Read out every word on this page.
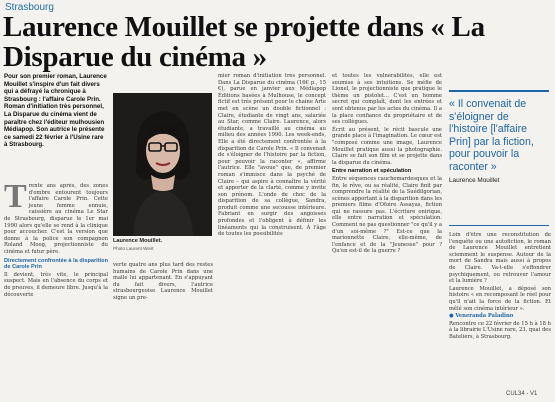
Strasbourg
Laurence Mouillet se projette dans « La Disparue du cinéma »
Pour son premier roman, Laurence Mouillet s'inspire d'un fait divers qui a défrayé la chronique à Strasbourg : l'affaire Carole Prin. Roman d'initiation très personnel, La Disparue du cinéma vient de paraître chez l'éditeur mulhousien Médiapop. Son autrice le présente ce samedi 22 février à l'Usine rare à Strasbourg.
T rente ans après, des zones d'ombre entourent toujours l'affaire Carole Prin. Cette jeune femme ennuie, caissière au cinéma Le Star de Strasbourg, disparue le 1er mai 1990 alors qu'elle se rend à la clinique pour accoucher. C'est la version que donne à la police son compagnon Roland Moog, projectionniste du cinéma et futur père.

Directement confrontée à la disparition de Carole Prin

Il devient, très vite, le principal suspect. Mais en l'absence du corps et de preuves, il demeure libre. Jusqu'à la découverte

Laurence Mouillet.
Photo Laurent West

verte quatre ans plus tard des restes humains de Carole Prin dans une malle lui appartenant. En s'appuyant du fait divers, l'autrice strasbourgeoise Laurence Mouillet signe un pre-

mier roman d'initiation très personnel. Dans La Disparue du cinéma (16€ p., 15 €), parue en janvier aux Médiapop Éditions basées à Mulhouse, le concept fictif est très présent pour le chaine Arte met en scène un double fictionnel : Claire, étudiante de vingt ans, salariée au Star, comme Claire. Laurence, alors étudiante, a travaillé au cinéma au milieu des années 1990. Les week-ends, Elle a été directement confrontée à la disparition de Carole Prin. « Il convenait de s'éloigner de l'histoire par la fiction, pour pouvoir la raconter », affirme l'autrice. Elle "avoue" que, de premier roman s'immisce dans la psyché de Claire – qui aspire à connaître la vérité et apporter de la clarté, comme y invite son prénom. L'onde de choc de la disparition de sa collègue, Sandra, produit comme une secousse intérieure. Fabriant en surgir des angoisses profondes et l'obligent à définir les linéaments qui la construisent. À l'âge de toutes les possibilités

et toutes les vulnérabilités, elle est soumise à ses intuitions. Se méfie de Lionel, le projectionniste que pratique le thème un pistolet... C'est un homme secret qui complaît, dont les entrées et sont obtenus par les actes du cinéma. Il a la place confiance du propriétaire et de ses collègues.

Écrit au présent, le récit bascule une grande place à l'imagination. Le cœur est "composé comme une image, Laurence Mouillet pratique aussi la photographie. Claire se fait son film et se projette dans la disparue du cinéma.

Entre narration et spéculation

Entre séquences cauchemardesques et la fin, le rêve, ou sa réalité, Claire finit par comprendre la réalité de la Suédilgorian, scènes apportant à la disparition dans les premiers films d'Ofoire Assayas, fiction qui ne rassure pas. L'écriture onirique, elle entre narration et spéculation. Comment ne pas questionner "ce qu'il y a d'un soi-même ?" Est-ce que la marionnette Claire, elle-même, de l'enfance et de la "Jeunesse" pour ? Qu'en est-il de la guerre ?

« Il convenait de s'éloigner de l'histoire [l'affaire Prin] par la fiction, pour pouvoir la raconter »
Laurence Mouillet

Loin d'être une reconstitution de l'enquête ou une autofiction, le roman de Laurence Mouillet entretient sciemment le suspense. Autour de la mort de Sandra mais aussi à propos de Claire. Va-t-elle s'effondrer psychiquement, ou retrouver l'amour et la lumière ?

Laurence Mouillet, a déposé son histoire « en recomposant le réel pour qu'il n'ait la force de la fiction. Et mêlé son cinéma intérieur ».

● Veneranda Paladino

Rencontre ce 22 février de 15 h à 18 h à la librairie L'Usine rare, 23, quai des Bateliers, à Strasbourg.

CUL34 - V1
